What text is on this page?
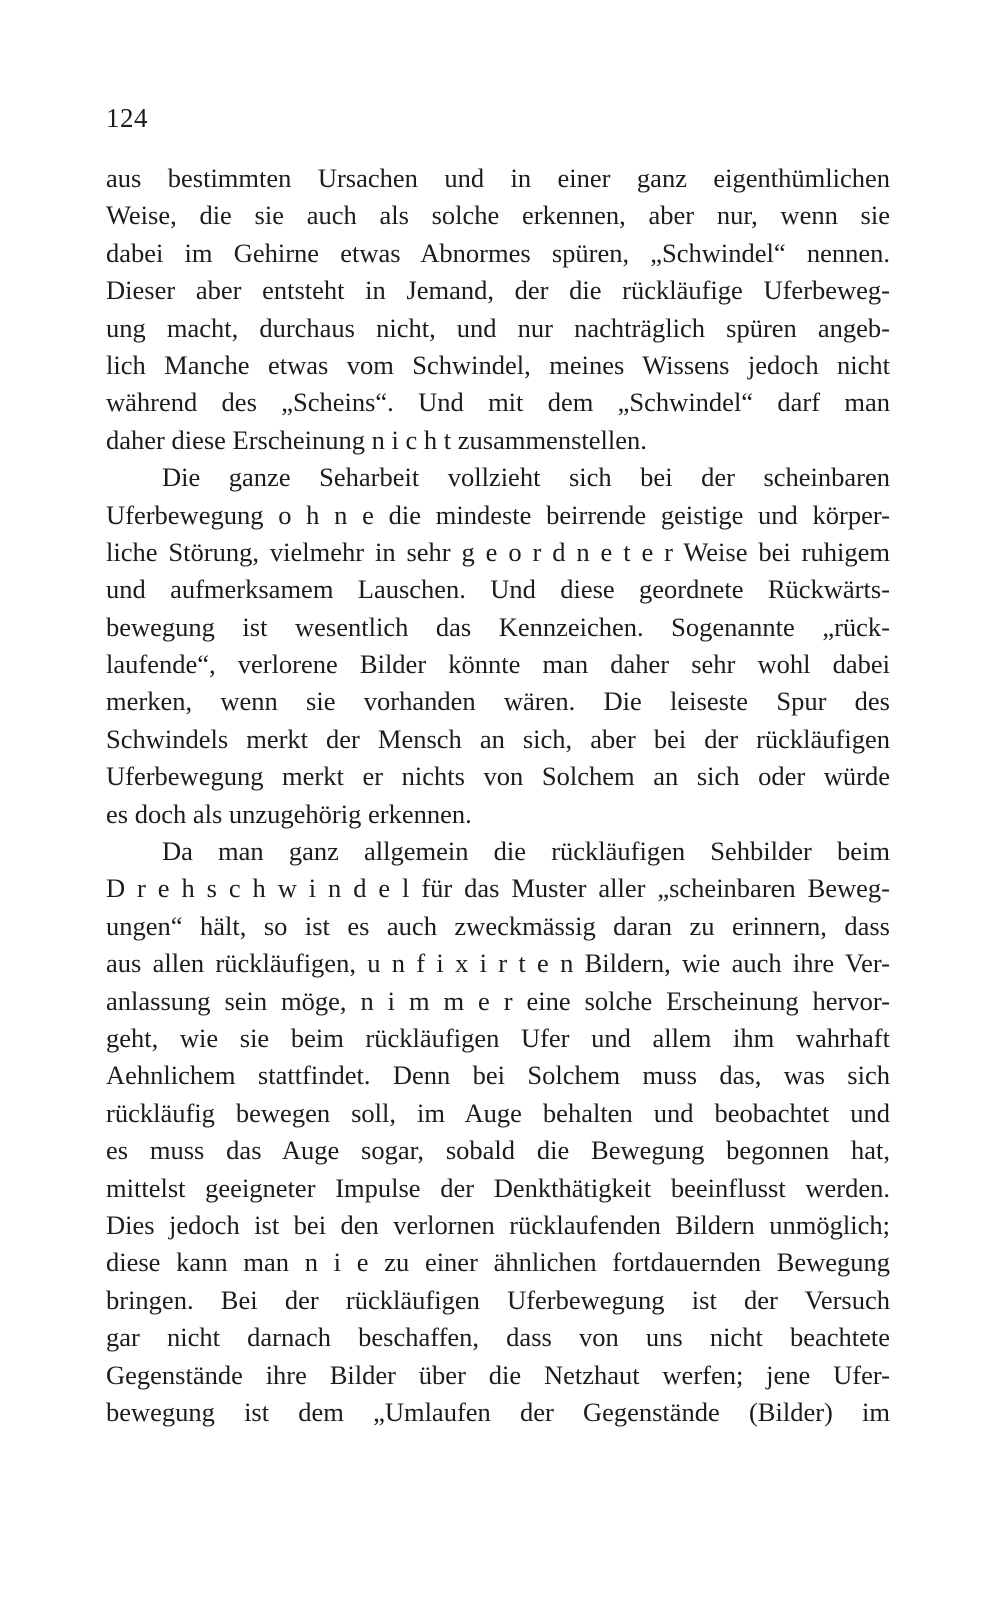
124
aus bestimmten Ursachen und in einer ganz eigenthümlichen
Weise, die sie auch als solche erkennen, aber nur, wenn sie
dabei im Gehirne etwas Abnormes spüren, „Schwindel“ nennen.
Dieser aber entsteht in Jemand, der die rückläufige Uferbeweg-
ung macht, durchaus nicht, und nur nachträglich spüren angeb-
lich Manche etwas vom Schwindel, meines Wissens jedoch nicht
während des „Scheins“. Und mit dem „Schwindel“ darf man
daher diese Erscheinung n i c h t zusammenstellen.
Die ganze Seharbeit vollzieht sich bei der scheinbaren
Uferbewegung o h n e die mindeste beirrende geistige und körper-
liche Störung, vielmehr in sehr g e o r d n e t e r Weise bei ruhigem
und aufmerksamem Lauschen. Und diese geordnete Rückwärts-
bewegung ist wesentlich das Kennzeichen. Sogenannte „rück-
laufende“, verlorene Bilder könnte man daher sehr wohl dabei
merken, wenn sie vorhanden wären. Die leiseste Spur des
Schwindels merkt der Mensch an sich, aber bei der rückläufigen
Uferbewegung merkt er nichts von Solchem an sich oder würde
es doch als unzugehörig erkennen.
Da man ganz allgemein die rückläufigen Sehbilder beim
D r e h s c h w i n d e l für das Muster aller „scheinbaren Beweg-
ungen“ hält, so ist es auch zweckmässig daran zu erinnern, dass
aus allen rückläufigen, u n f i x i r t e n Bildern, wie auch ihre Ver-
anlassung sein möge, n i m m e r eine solche Erscheinung hervor-
geht, wie sie beim rückläufigen Ufer und allem ihm wahrhaft
Aehnlichem stattfindet. Denn bei Solchem muss das, was sich
rückläufig bewegen soll, im Auge behalten und beobachtet und
es muss das Auge sogar, sobald die Bewegung begonnen hat,
mittelst geeigneter Impulse der Denkthätigkeit beeinflusst werden.
Dies jedoch ist bei den verlornen rücklaufenden Bildern unmöglich;
diese kann man n i e zu einer ähnlichen fortdauernden Bewegung
bringen. Bei der rückläufigen Uferbewegung ist der Versuch
gar nicht darnach beschaffen, dass von uns nicht beachtete
Gegenstände ihre Bilder über die Netzhaut werfen; jene Ufer-
bewegung ist dem „Umlaufen der Gegenstände (Bilder) im
